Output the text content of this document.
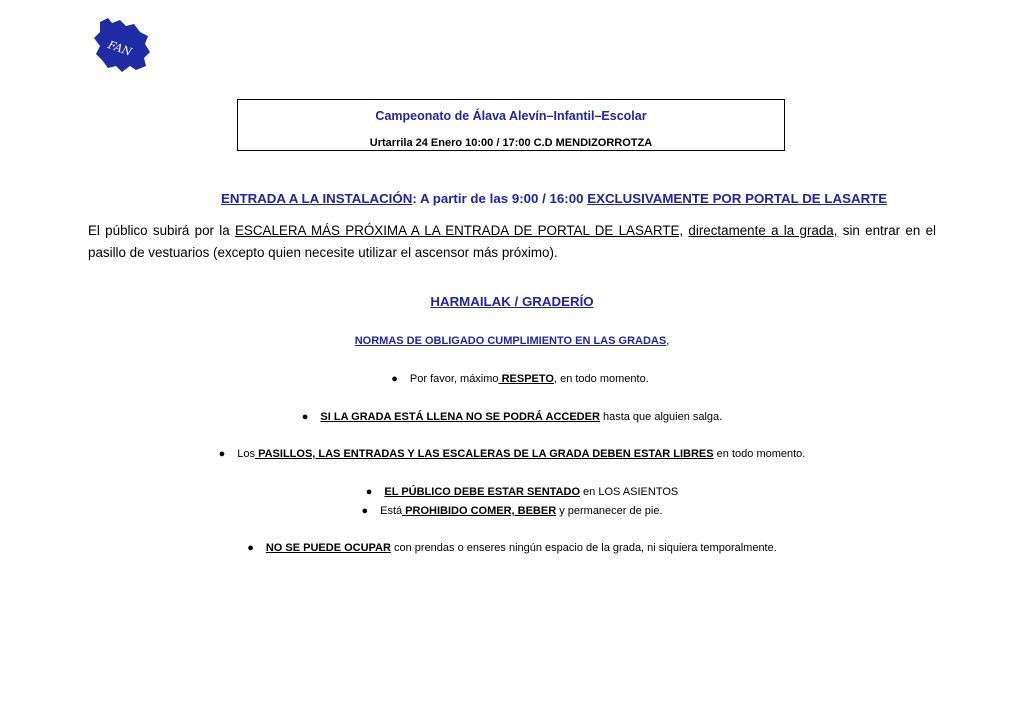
FAN
Campeonato de Álava Alevín–Infantil–Escolar
Urtarrila 24 Enero 10:00 / 17:00 C.D MENDIZORROTZA
ENTRADA A LA INSTALACIÓN: A partir de las 9:00 / 16:00 EXCLUSIVAMENTE POR PORTAL DE LASARTE
El público subirá por la ESCALERA MÁS PRÓXIMA A LA ENTRADA DE PORTAL DE LASARTE, directamente a la grada, sin entrar en el pasillo de vestuarios (excepto quien necesite utilizar el ascensor más próximo).
HARMAILAK / GRADERÍO
NORMAS DE OBLIGADO CUMPLIMIENTO EN LAS GRADAS,
● Por favor, máximo RESPETO, en todo momento.
● SI LA GRADA ESTÁ LLENA NO SE PODRÁ ACCEDER hasta que alguien salga.
● Los PASILLOS, LAS ENTRADAS Y LAS ESCALERAS DE LA GRADA DEBEN ESTAR LIBRES en todo momento.
● EL PÚBLICO DEBE ESTAR SENTADO en LOS ASIENTOS
● Está PROHIBIDO COMER, BEBER y permanecer de pie.
● NO SE PUEDE OCUPAR con prendas o enseres ningún espacio de la grada, ni siquiera temporalmente.
